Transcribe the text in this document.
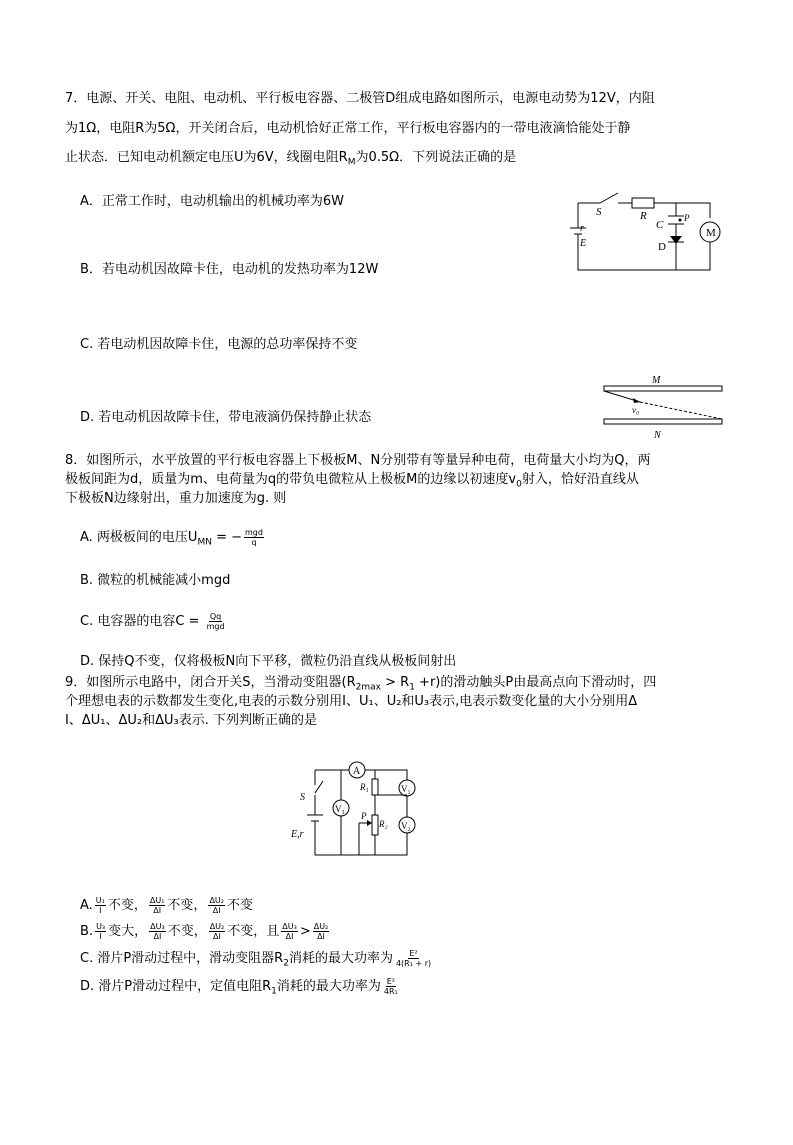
7．电源、开关、电阻、电动机、平行板电容器、二极管D组成电路如图所示，电源电动势为12V，内阻
为1Ω，电阻R为5Ω，开关闭合后，电动机恰好正常工作，平行板电容器内的一带电液滴恰能处于静
止状态．已知电动机额定电压U为6V，线圈电阻$R_M$为0.5Ω．下列说法正确的是
A．正常工作时，电动机输出的机械功率为6W
B．若电动机因故障卡住，电动机的发热功率为12W
C. 若电动机因故障卡住，电源的总功率保持不变
D. 若电动机因故障卡住，带电液滴仍保持静止状态
S	R
C
P
D
r
E
M
M
N
v₀
8．如图所示，水平放置的平行板电容器上下极板M、N分别带有等量异种电荷，电荷量大小均为Q，两
极板间距为d，质量为m、电荷量为q的带负电微粒从上极板M的边缘以初速度$v_0$射入，恰好沿直线从
下极板N边缘射出，重力加速度为g. 则
A. 两极板间的电压$U_{MN}$ = − $\frac{\text{mgd}}{q}$
B. 微粒的机械能减小mgd
C. 电容器的电容$C = \frac{Qq}{\text{mgd}}$
D. 保持Q不变，仅将极板N向下平移，微粒仍沿直线从极板间射出
9．如图所示电路中，闭合开关S，当滑动变阻器$(R_{2max} > R_1 +r)$的滑动触头P由最高点向下滑动时，四
个理想电表的示数都发生变化,电表的示数分别用I、U₁、U₂和U₃表示,电表示数变化量的大小分别用Δ
I、ΔU₁、ΔU₂和ΔU₃表示. 下列判断正确的是
A
V₁
V₂
V₃
R₁
R₂
P
S
E,r
A. $\frac{\text{U₁}}{I}$ 不变， $\frac{\text{ΔU₁}}{\Delta I}$ 不变， $\frac{\text{ΔU₂}}{\Delta I}$ 不变
B. $\frac{\text{U₃}}{I}$ 变大， $\frac{\text{ΔU₃}}{\Delta I}$ 不变， $\frac{\text{ΔU₂}}{\Delta I}$ 不变，且 $\frac{\text{ΔU₃}}{\Delta I} > \frac{\text{ΔU₂}}{\Delta I}$
C. 滑片P滑动过程中，滑动变阻器$R_2$消耗的最大功率为 $\frac{\text{E²}}{\text{4(R₁ + r)}}$
D. 滑片P滑动过程中，定值电阻$R_1$消耗的最大功率为 $\frac{\text{E²}}{\text{4R₁}}$
